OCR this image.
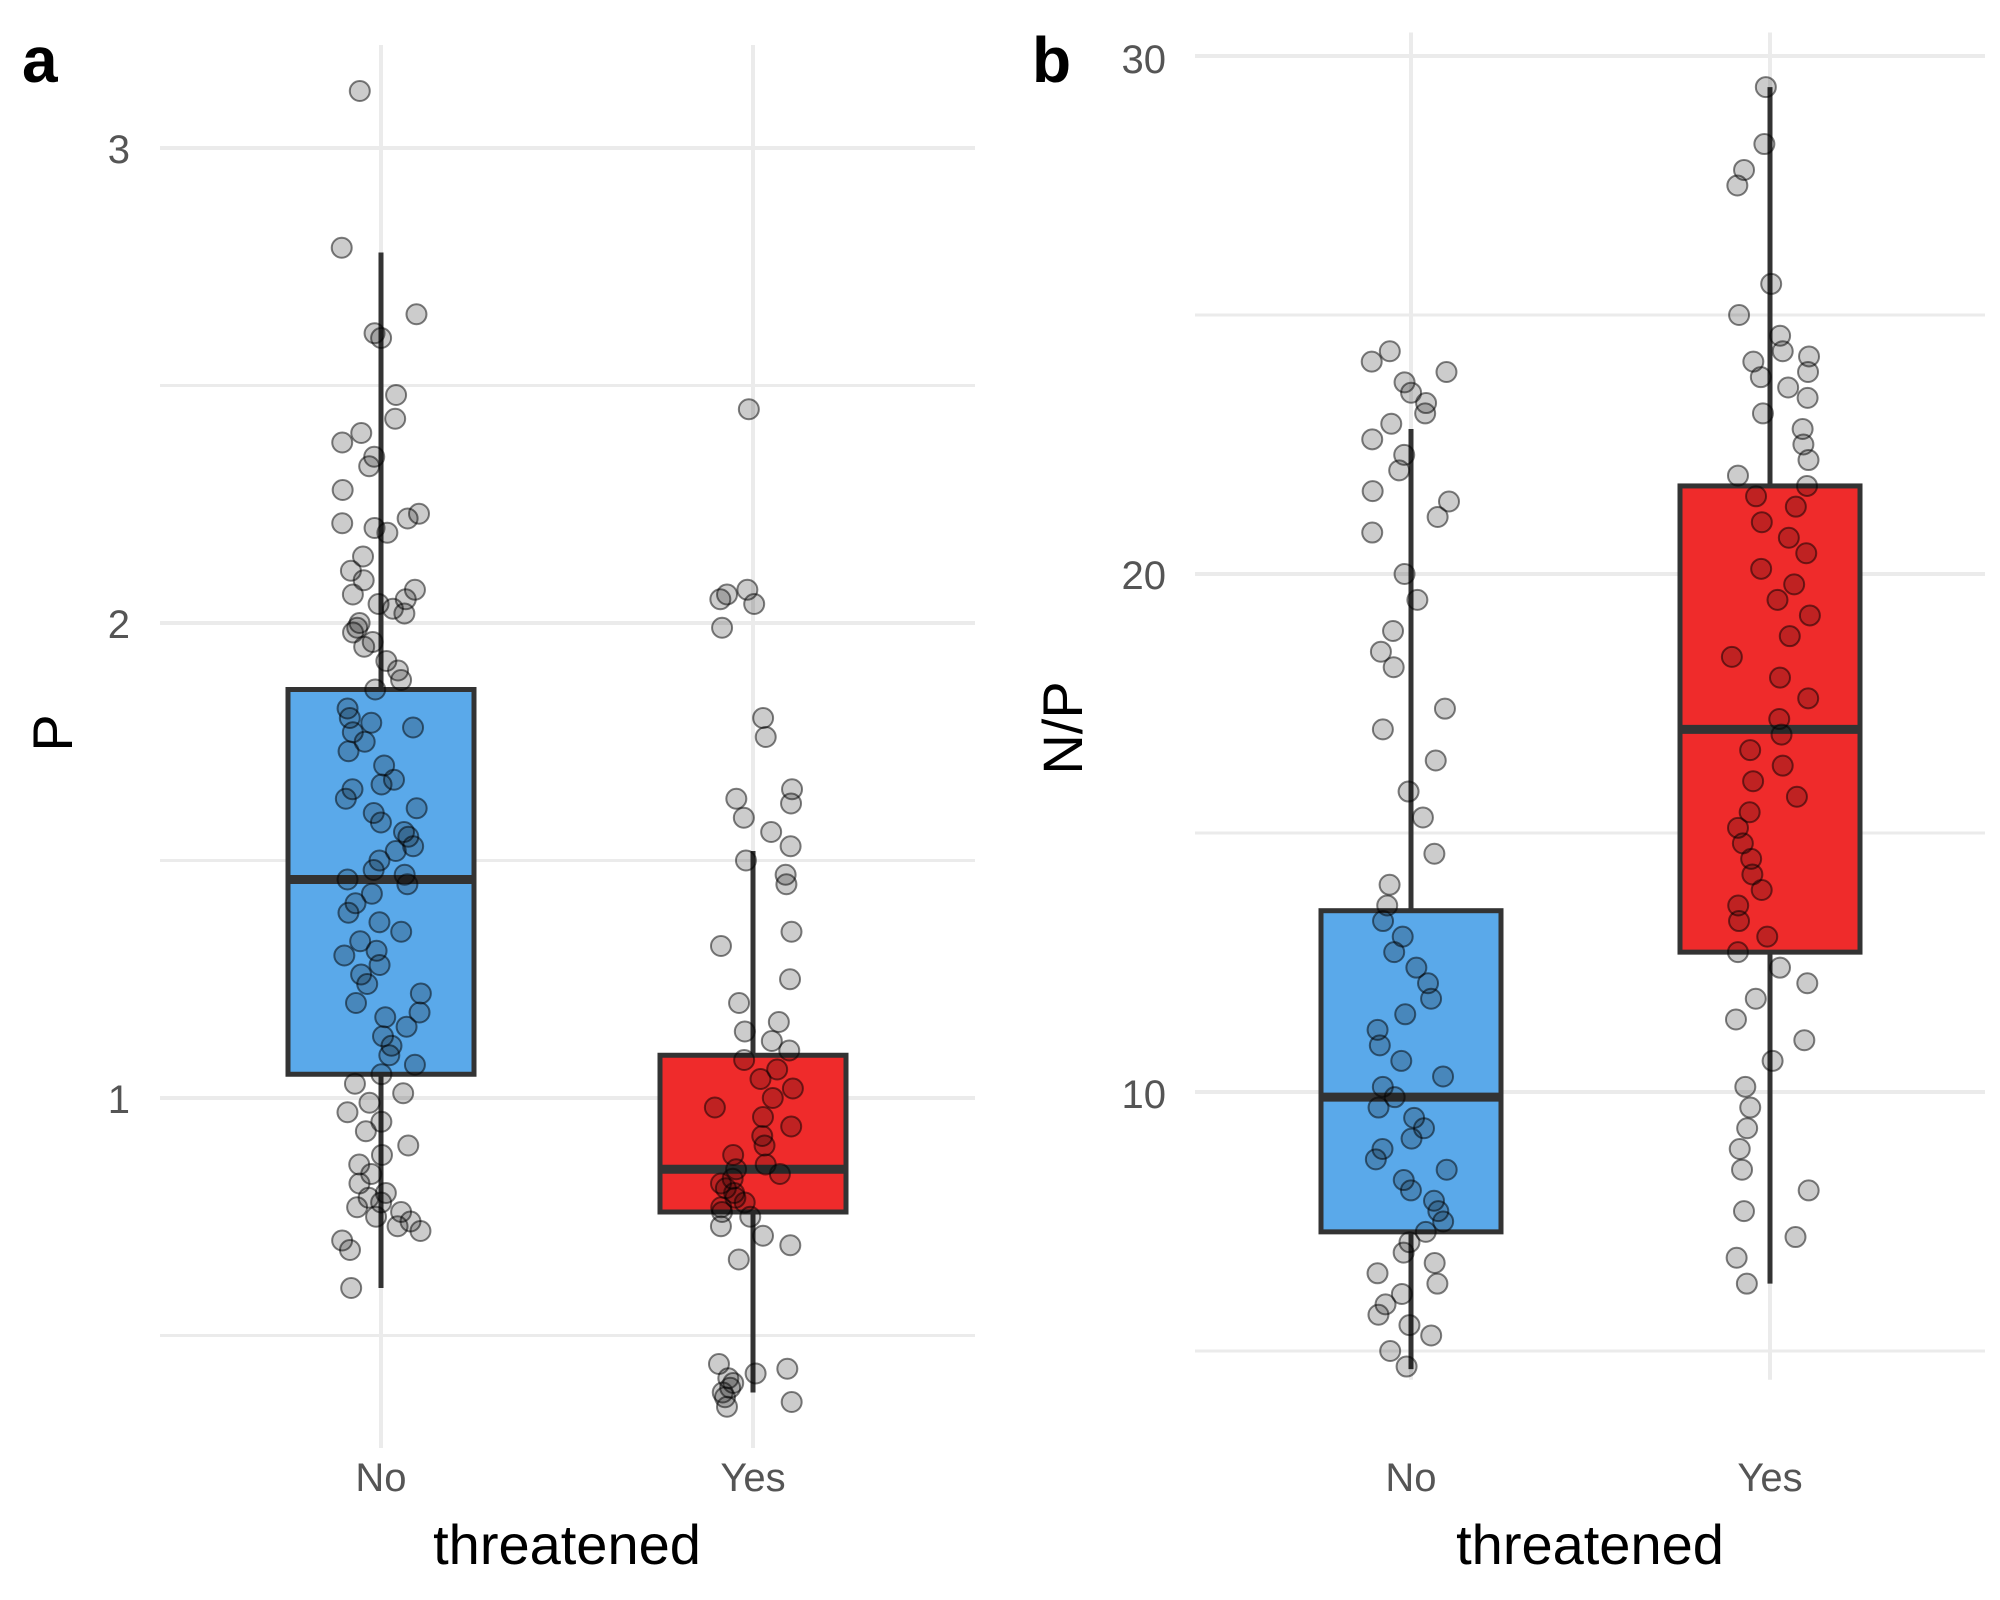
a
3
2
1
No	Yes
threatened
P
b 30
20
10
No	Yes
threatened
N/P
